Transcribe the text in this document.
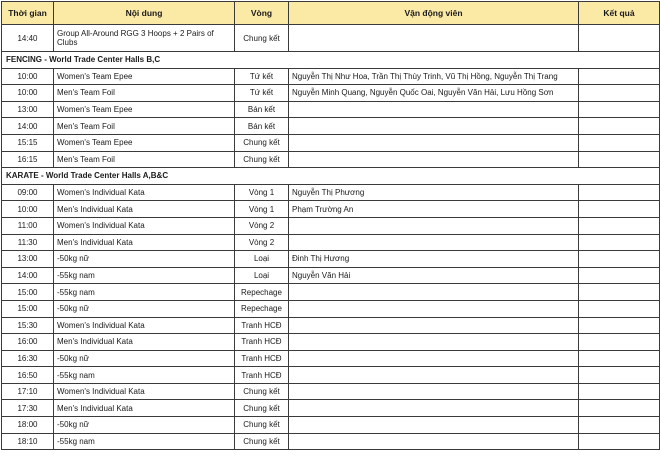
Thời gian	Nội dung	Vòng	Vận động viên	Kết quả
14:40	Group All-Around RGG 3 Hoops + 2 Pairs of Clubs	Chung kết		
FENCING - World Trade Center Halls B,C				
10:00	Women's Team Epee	Tứ kết	Nguyễn Thị Như Hoa, Trần Thị Thùy Trinh, Vũ Thị Hồng, Nguyễn Thị Trang	
10:00	Men's Team Foil	Tứ kết	Nguyễn Minh Quang, Nguyễn Quốc Oai, Nguyễn Văn Hải, Lưu Hồng Sơn	
13:00	Women's Team Epee	Bán kết		
14:00	Men's Team Foil	Bán kết		
15:15	Women's Team Epee	Chung kết		
16:15	Men's Team Foil	Chung kết		
KARATE - World Trade Center Halls A,B&C				
09:00	Women's Individual Kata	Vòng 1	Nguyễn Thị Phương	
10:00	Men's Individual Kata	Vòng 1	Phạm Trường An	
11:00	Women's Individual Kata	Vòng 2		
11:30	Men's Individual Kata	Vòng 2		
13:00	-50kg nữ	Loại	Đinh Thị Hương	
14:00	-55kg nam	Loại	Nguyễn Văn Hải	
15:00	-55kg nam	Repechage		
15:00	-50kg nữ	Repechage		
15:30	Women's Individual Kata	Tranh HCĐ		
16:00	Men's Individual Kata	Tranh HCĐ		
16:30	-50kg nữ	Tranh HCĐ		
16:50	-55kg nam	Tranh HCĐ		
17:10	Women's Individual Kata	Chung kết		
17:30	Men's Individual Kata	Chung kết		
18:00	-50kg nữ	Chung kết		
18:10	-55kg nam	Chung kết		
